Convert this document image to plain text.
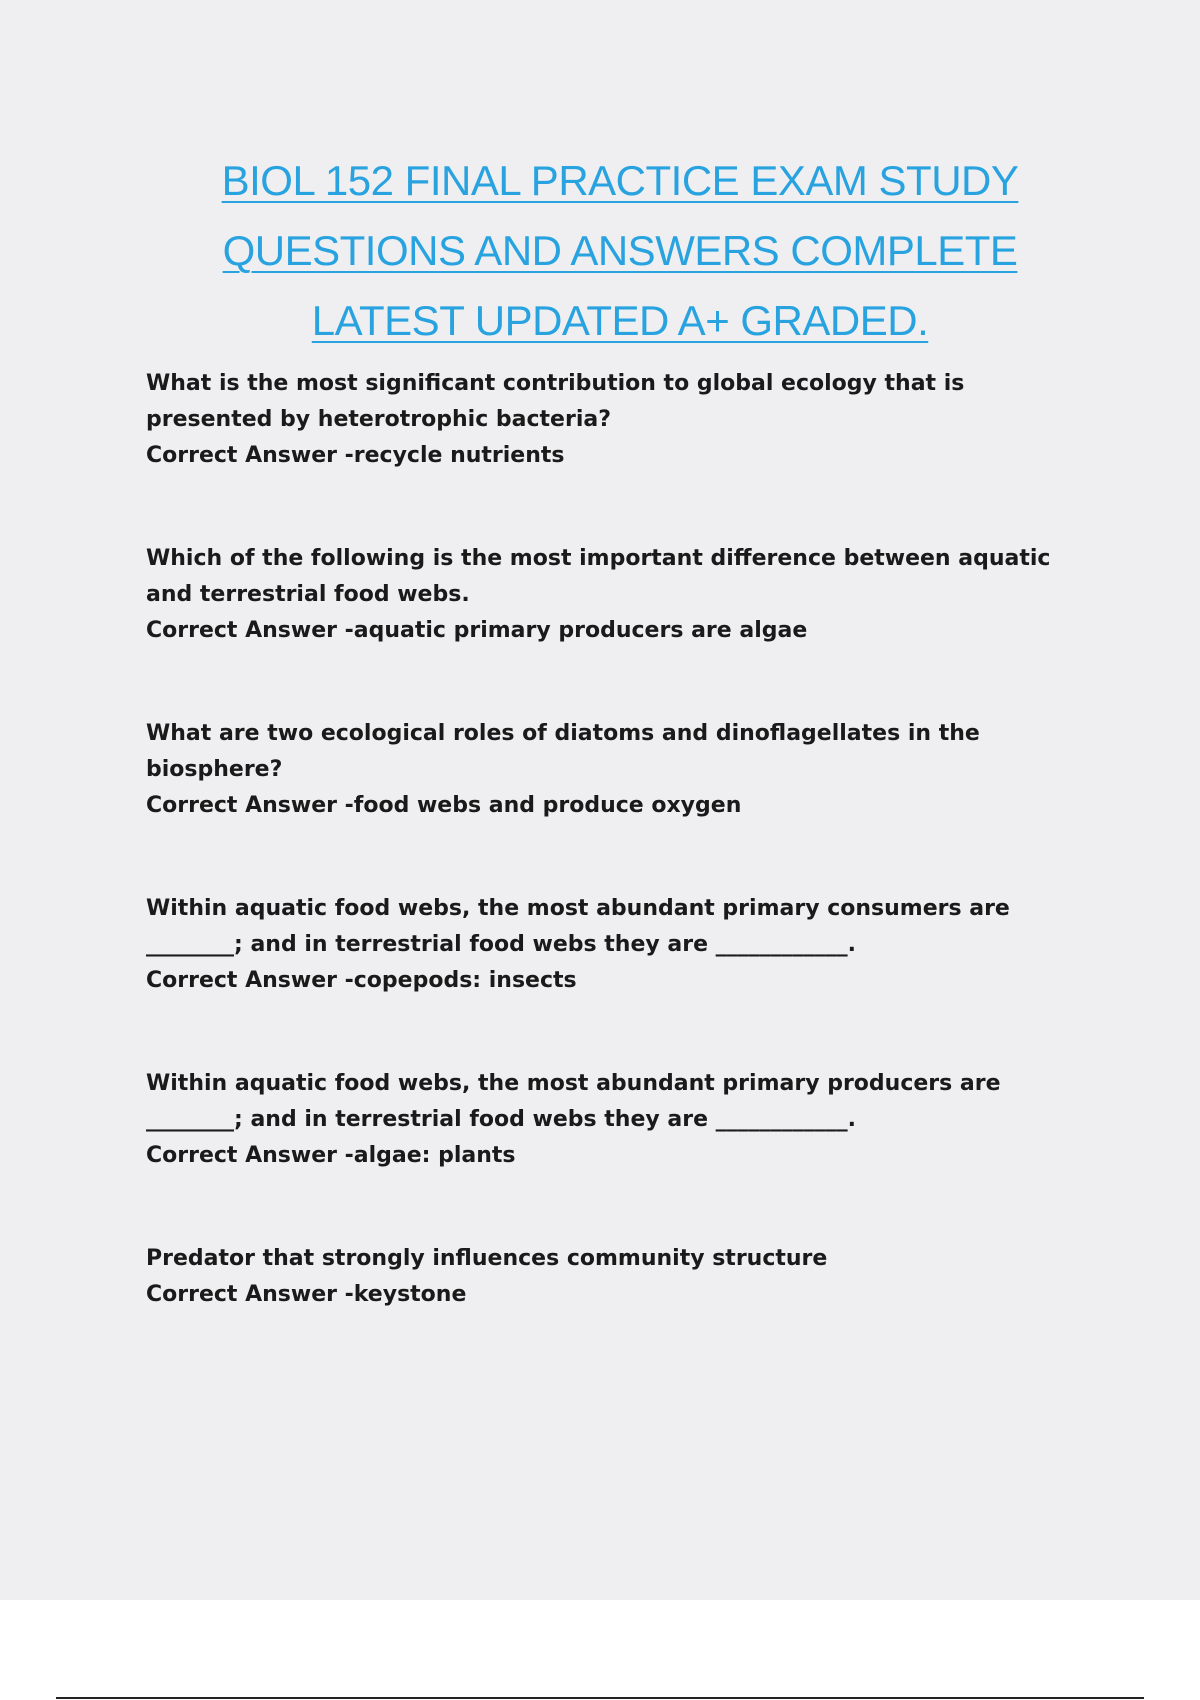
BIOL 152 FINAL PRACTICE EXAM STUDY
QUESTIONS AND ANSWERS COMPLETE
LATEST UPDATED A+ GRADED.

What is the most significant contribution to global ecology that is

presented by heterotrophic bacteria?

Correct Answer -recycle nutrients

Which of the following is the most important difference between aquatic

and terrestrial food webs.

Correct Answer -aquatic primary producers are algae

What are two ecological roles of diatoms and dinoflagellates in the

biosphere?

Correct Answer -food webs and produce oxygen

Within aquatic food webs, the most abundant primary consumers are

________; and in terrestrial food webs they are ____________.

Correct Answer -copepods: insects

Within aquatic food webs, the most abundant primary producers are

________; and in terrestrial food webs they are ____________.

Correct Answer -algae: plants

Predator that strongly influences community structure

Correct Answer -keystone
